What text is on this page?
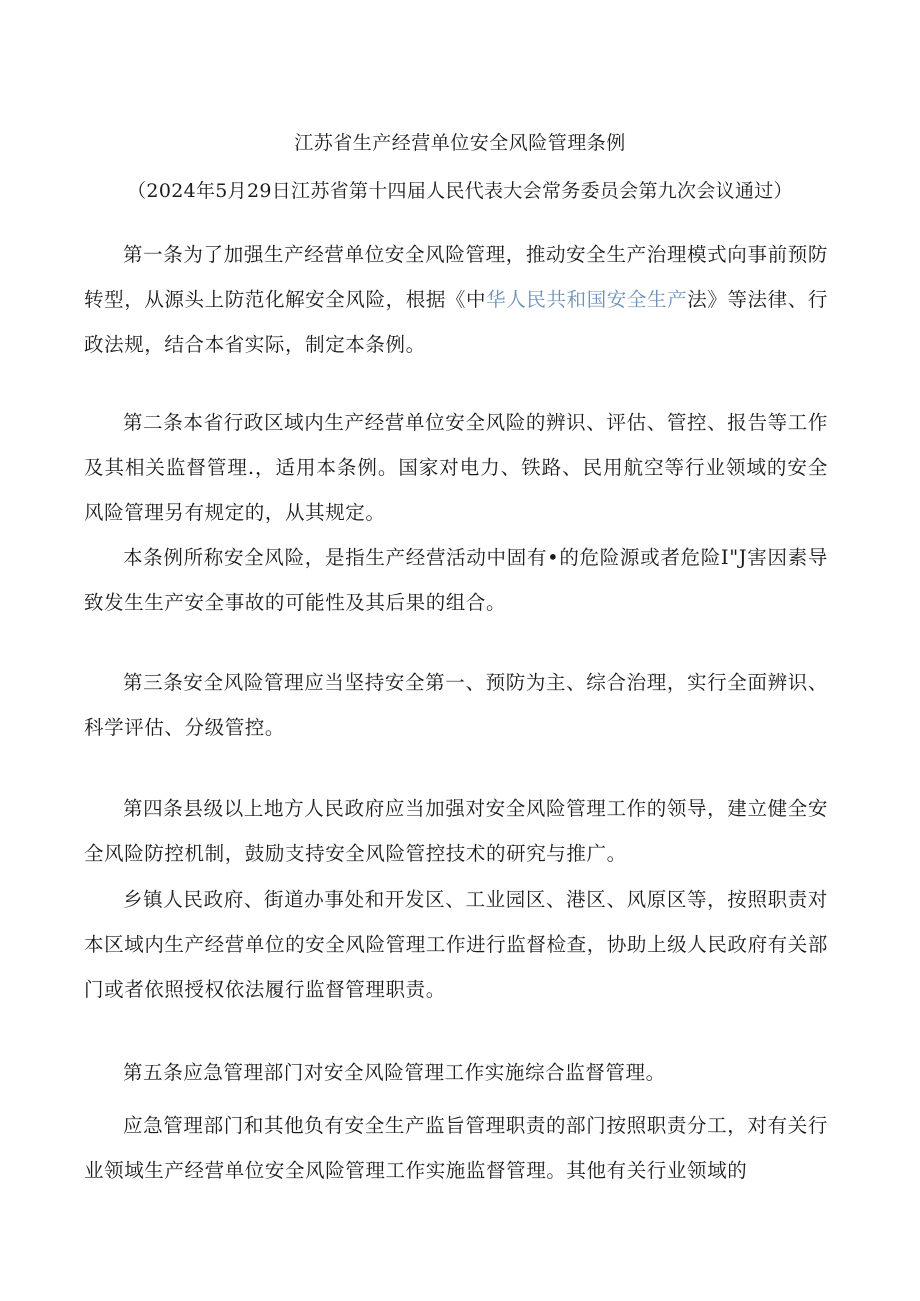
江苏省生产经营单位安全风险管理条例

（2024年5月29日江苏省第十四届人民代表大会常务委员会第九次会议通过）

第一条为了加强生产经营单位安全风险管理，推动安全生产治理模式向事前预防转型，从源头上防范化解安全风险，根据《中华人民共和国安全生产法》等法律、行政法规，结合本省实际，制定本条例。

第二条本省行政区域内生产经营单位安全风险的辨识、评估、管控、报告等工作及其相关监督管理.，适用本条例。国家对电力、铁路、民用航空等行业领域的安全风险管理另有规定的，从其规定。

本条例所称安全风险，是指生产经营活动中固有•的危险源或者危险I"J害因素导致发生生产安全事故的可能性及其后果的组合。

第三条安全风险管理应当坚持安全第一、预防为主、综合治理，实行全面辨识、科学评估、分级管控。

第四条县级以上地方人民政府应当加强对安全风险管理工作的领导，建立健全安全风险防控机制，鼓励支持安全风险管控技术的研究与推广。

乡镇人民政府、街道办事处和开发区、工业园区、港区、风原区等，按照职责对本区域内生产经营单位的安全风险管理工作进行监督检查，协助上级人民政府有关部门或者依照授权依法履行监督管理职责。

第五条应急管理部门对安全风险管理工作实施综合监督管理。

应急管理部门和其他负有安全生产监旨管理职责的部门按照职责分工，对有关行业领域生产经营单位安全风险管理工作实施监督管理。其他有关行业领域的
